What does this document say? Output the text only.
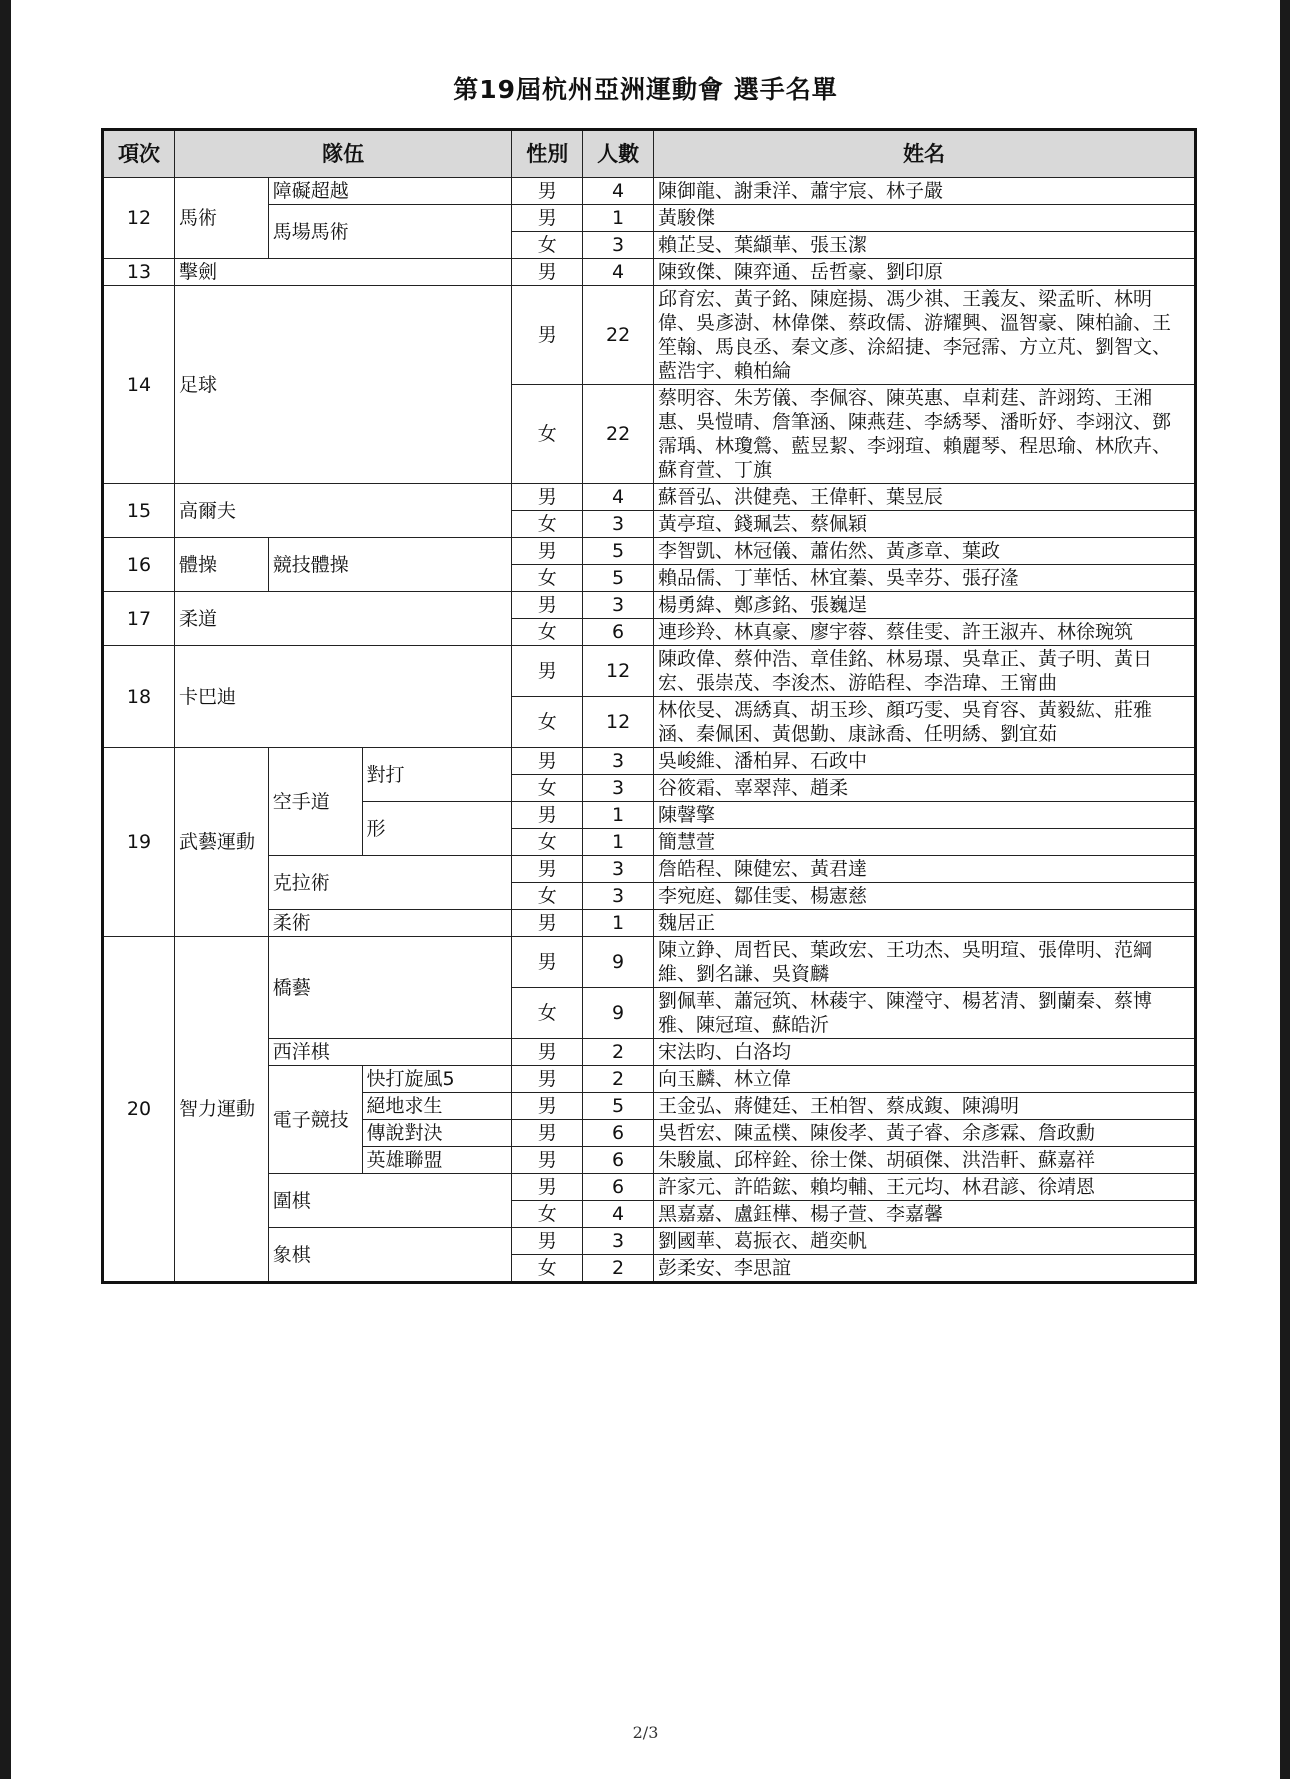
第19屆杭州亞洲運動會 選手名單
項次	隊伍			性別	人數	姓名
12	馬術	障礙超越		男	4	陳御龍、謝秉洋、蕭宇宸、林子嚴
		馬場馬術		男	1	黃駿傑
				女	3	賴芷旻、葉纈華、張玉潔
13	擊劍			男	4	陳致傑、陳弈通、岳哲豪、劉印原
14	足球			男	22	邱育宏、黃子銘、陳庭揚、馮少祺、王義友、梁孟昕、林明偉、吳彥澍、林偉傑、蔡政儒、游耀興、溫智豪、陳柏諭、王笙翰、馬良丞、秦文彥、涂紹捷、李冠霈、方立芃、劉智文、藍浩宇、賴柏綸
				女	22	蔡明容、朱芳儀、李佩容、陳英惠、卓莉莛、許翊筠、王湘惠、吳愷晴、詹筆涵、陳燕莛、李綉琴、潘昕妤、李翊汶、鄧霈瑀、林瓊鶯、藍昱絜、李翊瑄、賴麗琴、程思瑜、林欣卉、蘇育萱、丁旗
15	高爾夫			男	4	蘇晉弘、洪健堯、王偉軒、葉昱辰
				女	3	黃亭瑄、錢珮芸、蔡佩穎
16	體操	競技體操		男	5	李智凱、林冠儀、蕭佑然、黃彥章、葉政
				女	5	賴品儒、丁華恬、林宜蓁、吳幸芬、張孖湰
17	柔道			男	3	楊勇緯、鄭彥銘、張巍逞
				女	6	連珍羚、林真豪、廖宇蓉、蔡佳雯、許王淑卉、林徐琬筑
18	卡巴迪			男	12	陳政偉、蔡仲浩、章佳銘、林易璟、吳韋正、黃子明、黃日宏、張崇茂、李浚杰、游皓程、李浩瑋、王甯曲
				女	12	林依旻、馮綉真、胡玉珍、顏巧雯、吳育容、黃毅紘、莊雅涵、秦佩囷、黃偲勤、康詠喬、任明綉、劉宜茹
19	武藝運動	空手道	對打	男	3	吳峻維、潘柏昇、石政中
				女	3	谷筱霜、辜翠萍、趙柔
			形	男	1	陳韾擎
				女	1	簡慧萱
		克拉術		男	3	詹皓程、陳健宏、黃君達
				女	3	李宛庭、鄒佳雯、楊憲慈
		柔術		男	1	魏居正
20	智力運動	橋藝		男	9	陳立錚、周哲民、葉政宏、王功杰、吳明瑄、張偉明、范綱維、劉名謙、吳資麟
				女	9	劉佩華、蕭冠筑、林薐宇、陳瀅守、楊茗清、劉蘭秦、蔡博雅、陳冠瑄、蘇皓沂
		西洋棋		男	2	宋法昀、白洛均
		電子競技	快打旋風5	男	2	向玉麟、林立偉
			絕地求生	男	5	王金弘、蔣健廷、王柏智、蔡成鍑、陳鴻明
			傳說對決	男	6	吳哲宏、陳孟樸、陳俊孝、黃子睿、余彥霖、詹政勳
			英雄聯盟	男	6	朱駿嵐、邱梓銓、徐士傑、胡碩傑、洪浩軒、蘇嘉祥
		圍棋		男	6	許家元、許皓鋐、賴均輔、王元均、林君諺、徐靖恩
				女	4	黑嘉嘉、盧鈺樺、楊子萱、李嘉馨
		象棋		男	3	劉國華、葛振衣、趙奕帆
				女	2	彭柔安、李思誼
2/3
